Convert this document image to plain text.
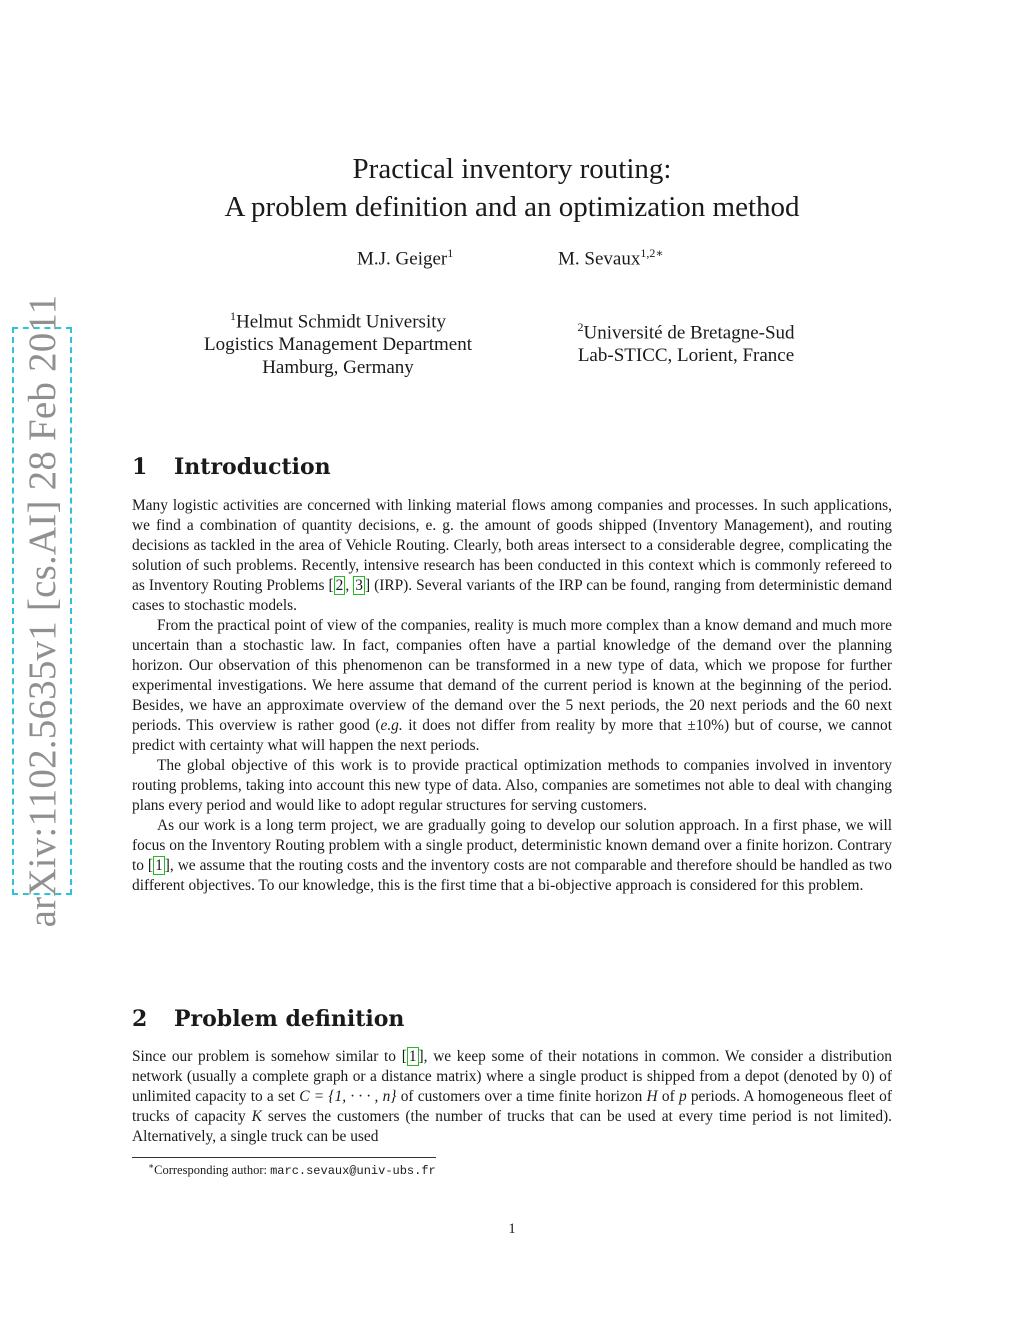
arXiv:1102.5635v1 [cs.AI] 28 Feb 2011
Practical inventory routing:
A problem definition and an optimization method
M.J. Geiger$^1$	M. Sevaux$^{1,2∗}$
$^1$Helmut Schmidt University
Logistics Management Department
Hamburg, Germany
$^2$Université de Bretagne-Sud
Lab-STICC, Lorient, France
1 Introduction

Many logistic activities are concerned with linking material flows among companies and processes. In such applications, we find a combination of quantity decisions, e. g. the amount of goods shipped (Inventory Management), and routing decisions as tackled in the area of Vehicle Routing. Clearly, both areas intersect to a considerable degree, complicating the solution of such problems. Recently, intensive research has been conducted in this context which is commonly refereed to as Inventory Routing Problems [ 2 , 3 ] (IRP). Several variants of the IRP can be found, ranging from deterministic demand cases to stochastic models.

From the practical point of view of the companies, reality is much more complex than a know demand and much more uncertain than a stochastic law. In fact, companies often have a partial knowledge of the demand over the planning horizon. Our observation of this phenomenon can be transformed in a new type of data, which we propose for further experimental investigations. We here assume that demand of the current period is known at the beginning of the period. Besides, we have an approximate overview of the demand over the 5 next periods, the 20 next periods and the 60 next periods. This overview is rather good (e.g. it does not differ from reality by more that ±10%) but of course, we cannot predict with certainty what will happen the next periods.

The global objective of this work is to provide practical optimization methods to companies involved in inventory routing problems, taking into account this new type of data. Also, companies are sometimes not able to deal with changing plans every period and would like to adopt regular structures for serving customers.

As our work is a long term project, we are gradually going to develop our solution approach. In a first phase, we will focus on the Inventory Routing problem with a single product, deterministic known demand over a finite horizon. Contrary to [ 1 ], we assume that the routing costs and the inventory costs are not comparable and therefore should be handled as two different objectives. To our knowledge, this is the first time that a bi-objective approach is considered for this problem.

2 Problem definition

Since our problem is somehow similar to [ 1 ], we keep some of their notations in common. We consider a distribution network (usually a complete graph or a distance matrix) where a single product is shipped from a depot (denoted by 0) of unlimited capacity to a set C = {1, · · · , n} of customers over a time finite horizon H of p periods. A homogeneous fleet of trucks of capacity K serves the customers (the number of trucks that can be used at every time period is not limited). Alternatively, a single truck can be used

∗Corresponding author: marc.sevaux@univ-ubs.fr
1
